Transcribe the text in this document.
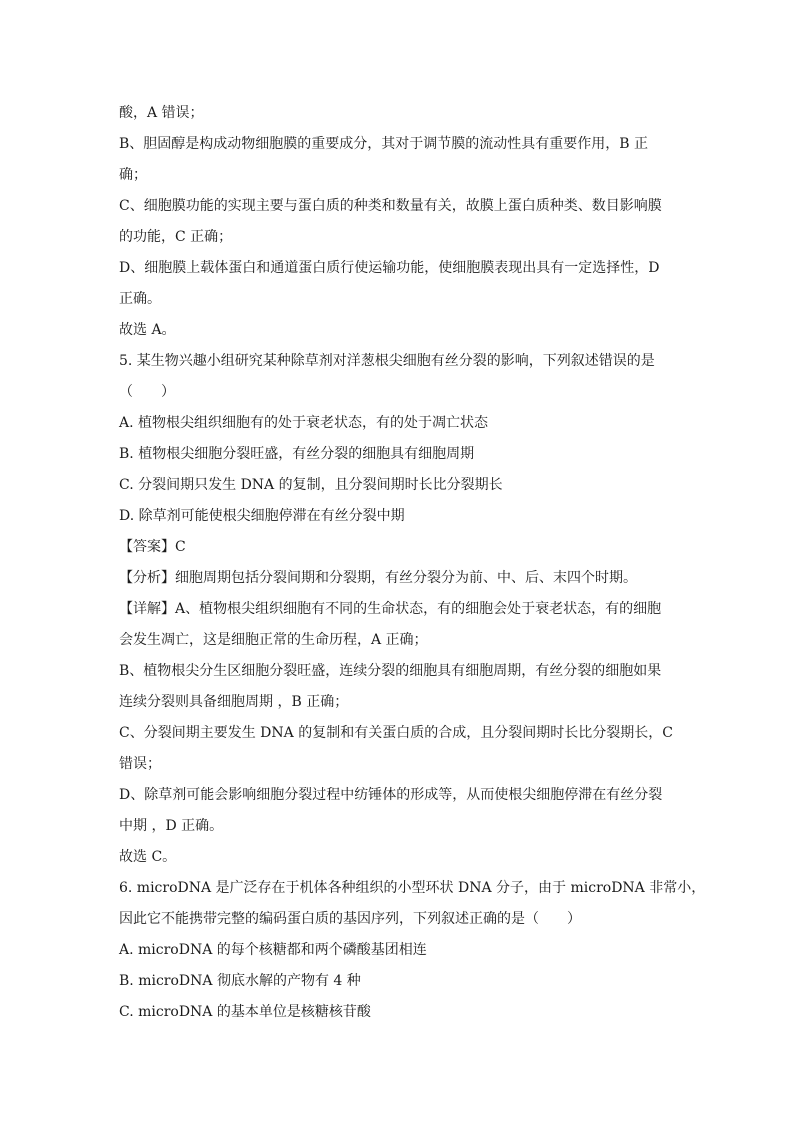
酸，A 错误；
B、胆固醇是构成动物细胞膜的重要成分，其对于调节膜的流动性具有重要作用，B 正
确；
C、细胞膜功能的实现主要与蛋白质的种类和数量有关，故膜上蛋白质种类、数目影响膜
的功能，C 正确；
D、细胞膜上载体蛋白和通道蛋白质行使运输功能，使细胞膜表现出具有一定选择性，D
正确。
故选 A。
5. 某生物兴趣小组研究某种除草剂对洋葱根尖细胞有丝分裂的影响，下列叙述错误的是
（　　）
A. 植物根尖组织细胞有的处于衰老状态，有的处于凋亡状态
B. 植物根尖细胞分裂旺盛，有丝分裂的细胞具有细胞周期
C. 分裂间期只发生 DNA 的复制，且分裂间期时长比分裂期长
D. 除草剂可能使根尖细胞停滞在有丝分裂中期
【答案】C
【分析】细胞周期包括分裂间期和分裂期，有丝分裂分为前、中、后、末四个时期。
【详解】A、植物根尖组织细胞有不同的生命状态，有的细胞会处于衰老状态，有的细胞
会发生凋亡，这是细胞正常的生命历程，A 正确；
B、植物根尖分生区细胞分裂旺盛，连续分裂的细胞具有细胞周期，有丝分裂的细胞如果
连续分裂则具备细胞周期 ，B 正确；
C、分裂间期主要发生 DNA 的复制和有关蛋白质的合成，且分裂间期时长比分裂期长，C
错误；
D、除草剂可能会影响细胞分裂过程中纺锤体的形成等，从而使根尖细胞停滞在有丝分裂
中期 ，D 正确。
故选 C。
6. microDNA 是广泛存在于机体各种组织的小型环状 DNA 分子，由于 microDNA 非常小，
因此它不能携带完整的编码蛋白质的基因序列，下列叙述正确的是（　　）
A. microDNA 的每个核糖都和两个磷酸基团相连
B. microDNA 彻底水解的产物有 4 种
C. microDNA 的基本单位是核糖核苷酸
